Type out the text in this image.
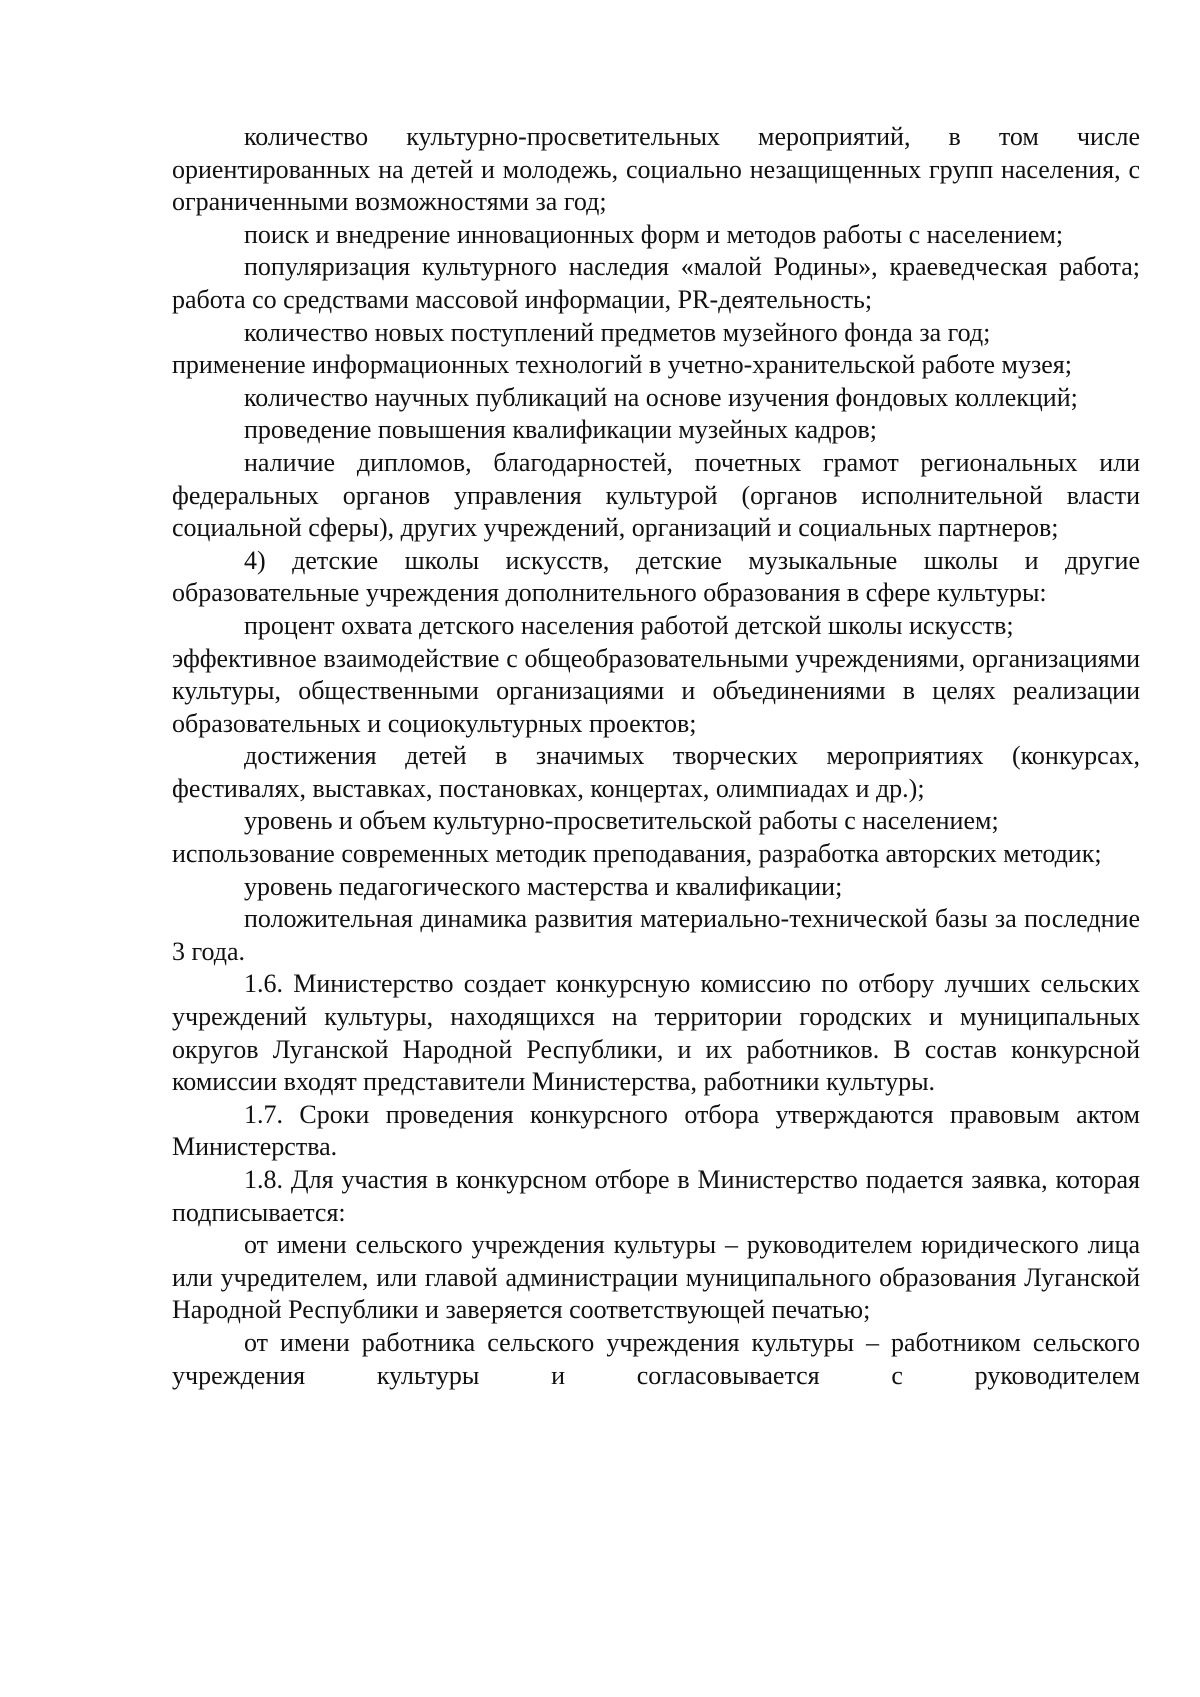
количество культурно-просветительных мероприятий, в том числе ориентированных на детей и молодежь, социально незащищенных групп населения, с ограниченными возможностями за год;

поиск и внедрение инновационных форм и методов работы с населением;

популяризация культурного наследия «малой Родины», краеведческая работа; работа со средствами массовой информации, PR-деятельность;

количество новых поступлений предметов музейного фонда за год;

применение информационных технологий в учетно-хранительской работе музея;

количество научных публикаций на основе изучения фондовых коллекций;

проведение повышения квалификации музейных кадров;

наличие дипломов, благодарностей, почетных грамот региональных или федеральных органов управления культурой (органов исполнительной власти социальной сферы), других учреждений, организаций и социальных партнеров;

4) детские школы искусств, детские музыкальные школы и другие образовательные учреждения дополнительного образования в сфере культуры:

процент охвата детского населения работой детской школы искусств;

эффективное взаимодействие с общеобразовательными учреждениями, организациями культуры, общественными организациями и объединениями в целях реализации образовательных и социокультурных проектов;

достижения детей в значимых творческих мероприятиях (конкурсах, фестивалях, выставках, постановках, концертах, олимпиадах и др.);

уровень и объем культурно-просветительской работы с населением;

использование современных методик преподавания, разработка авторских методик;

уровень педагогического мастерства и квалификации;

положительная динамика развития материально-технической базы за последние 3 года.

1.6. Министерство создает конкурсную комиссию по отбору лучших сельских учреждений культуры, находящихся на территории городских и муниципальных округов Луганской Народной Республики, и их работников. В состав конкурсной комиссии входят представители Министерства, работники культуры.

1.7. Сроки проведения конкурсного отбора утверждаются правовым актом Министерства.

1.8. Для участия в конкурсном отборе в Министерство подается заявка, которая подписывается:

от имени сельского учреждения культуры – руководителем юридического лица или учредителем, или главой администрации муниципального образования Луганской Народной Республики и заверяется соответствующей печатью;

от имени работника сельского учреждения культуры – работником сельского учреждения культуры и согласовывается с руководителем
